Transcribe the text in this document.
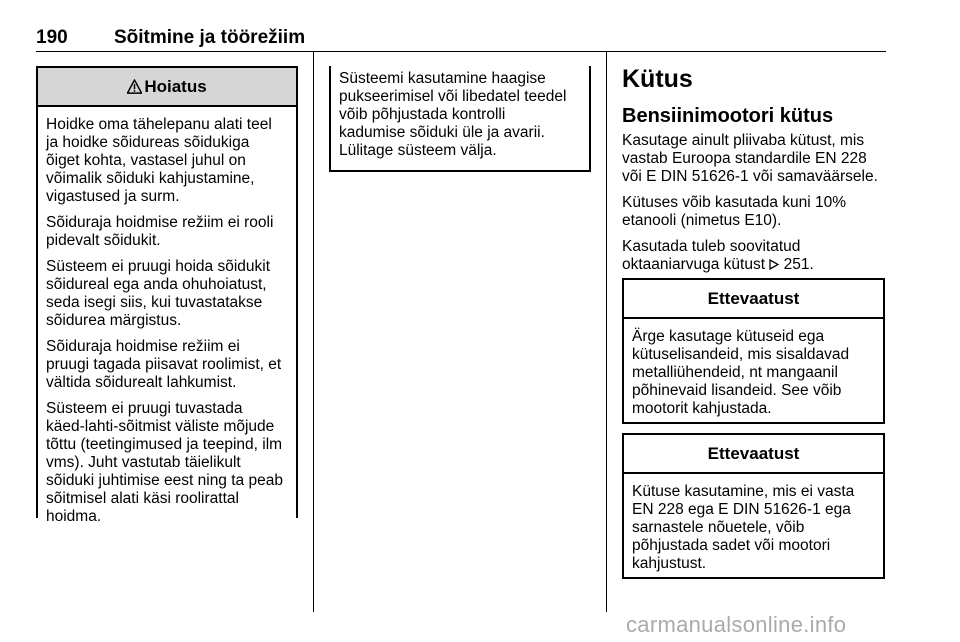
190 Sõitmine ja töörežiim
Hoiatus

Hoidke oma tähelepanu alati teel
ja hoidke sõidureas sõidukiga
õiget kohta, vastasel juhul on
võimalik sõiduki kahjustamine,
vigastused ja surm.

Sõiduraja hoidmise režiim ei rooli
pidevalt sõidukit.

Süsteem ei pruugi hoida sõidukit
sõidureal ega anda ohuhoiatust,
seda isegi siis, kui tuvastatakse
sõidurea märgistus.

Sõiduraja hoidmise režiim ei
pruugi tagada piisavat roolimist, et
vältida sõidurealt lahkumist.

Süsteem ei pruugi tuvastada
käed-lahti-sõitmist väliste mõjude
tõttu (teetingimused ja teepind, ilm
vms). Juht vastutab täielikult
sõiduki juhtimise eest ning ta peab
sõitmisel alati käsi roolirattal
hoidma.

Süsteemi kasutamine haagise
pukseerimisel või libedatel teedel
võib põhjustada kontrolli
kadumise sõiduki üle ja avarii.
Lülitage süsteem välja.

Kütus
Bensiinimootori kütus

Kasutage ainult pliivaba kütust, mis
vastab Euroopa standardile EN 228
või E DIN 51626-1 või samaväärsele.

Kütuses võib kasutada kuni 10%
etanooli (nimetus E10).

Kasutada tuleb soovitatud
oktaaniarvuga kütust 251.

Ettevaatust

Ärge kasutage kütuseid ega
kütuselisandeid, mis sisaldavad
metalliühendeid, nt mangaanil
põhinevaid lisandeid. See võib
mootorit kahjustada.

Ettevaatust

Kütuse kasutamine, mis ei vasta
EN 228 ega E DIN 51626-1 ega
sarnastele nõuetele, võib
põhjustada sadet või mootori
kahjustust.

carmanualsonline.info
